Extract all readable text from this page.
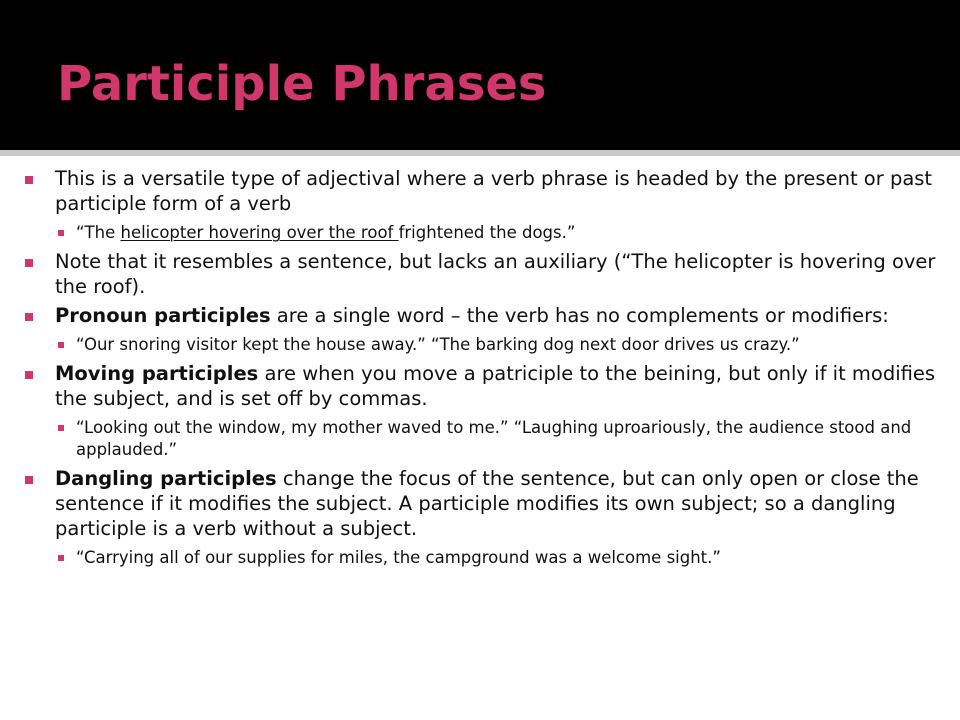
Participle Phrases
This is a versatile type of adjectival where a verb phrase is headed by the present or past participle form of a verb
“The helicopter hovering over the roof frightened the dogs.”
Note that it resembles a sentence, but lacks an auxiliary (“The helicopter is hovering over the roof).
Pronoun participles are a single word – the verb has no complements or modifiers:
“Our snoring visitor kept the house away.” “The barking dog next door drives us crazy.”
Moving participles are when you move a patriciple to the beining, but only if it modifies the subject, and is set off by commas.
“Looking out the window, my mother waved to me.” “Laughing uproariously, the audience stood and applauded.”
Dangling participles change the focus of the sentence, but can only open or close the sentence if it modifies the subject. A participle modifies its own subject; so a dangling participle is a verb without a subject.
“Carrying all of our supplies for miles, the campground was a welcome sight.”
